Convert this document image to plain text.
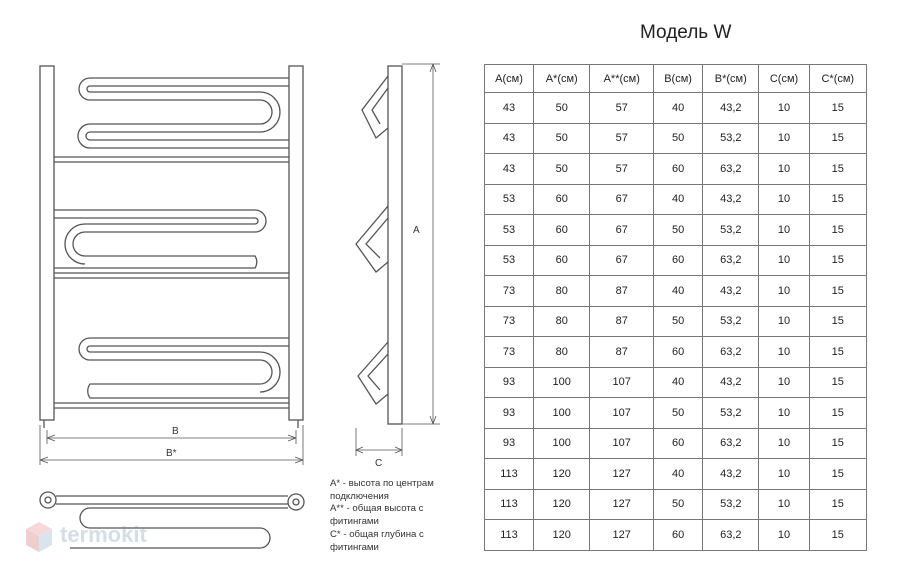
В
В*
А
С
Модель W
А(см)	А*(см)	А**(см)	В(см)	В*(см)	С(см)	С*(см)
43	50	57	40	43,2	10	15
43	50	57	50	53,2	10	15
43	50	57	60	63,2	10	15
53	60	67	40	43,2	10	15
53	60	67	50	53,2	10	15
53	60	67	60	63,2	10	15
73	80	87	40	43,2	10	15
73	80	87	50	53,2	10	15
73	80	87	60	63,2	10	15
93	100	107	40	43,2	10	15
93	100	107	50	53,2	10	15
93	100	107	60	63,2	10	15
113	120	127	40	43,2	10	15
113	120	127	50	53,2	10	15
113	120	127	60	63,2	10	15
А* - высота по центрам подключения
А** - общая высота с фитингами
С* - общая глубина с фитингами
termokit
